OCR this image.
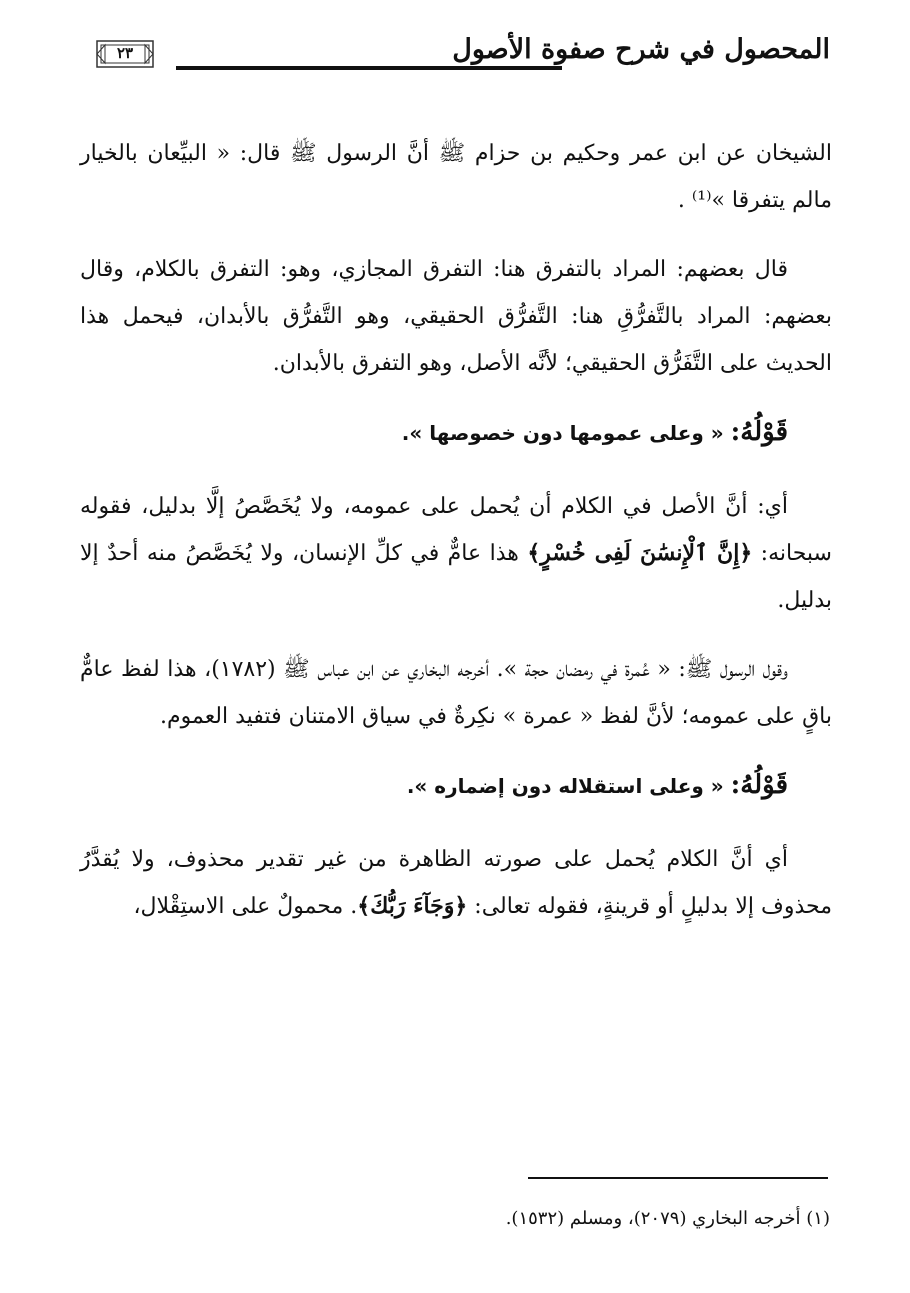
المحصول في شرح صفوة الأصول
٢٣

الشيخان عن ابن عمر وحكيم بن حزام ﷺ أنَّ الرسول ﷺ قال: « البيِّعان بالخيار مالم يتفرقا »⁽¹⁾ .

قال بعضهم: المراد بالتفرق هنا: التفرق المجازي، وهو: التفرق بالكلام، وقال بعضهم: المراد بالتَّفرُّقِ هنا: التَّفرُّق الحقيقي، وهو التَّفرُّق بالأبدان، فيحمل هذا الحديث على التَّفَرُّق الحقيقي؛ لأنَّه الأصل، وهو التفرق بالأبدان.

قَوْلُهُ: « وعلى عمومها دون خصوصها ».

أي: أنَّ الأصل في الكلام أن يُحمل على عمومه، ولا يُخَصَّصُ إلَّا بدليل، فقوله سبحانه: ﴿إِنَّ ٱلْإِنسَٰنَ لَفِى خُسْرٍ﴾ هذا عامٌّ في كلِّ الإنسان، ولا يُخَصَّصُ منه أحدٌ إلا بدليل.

وقول الرسول ﷺ: « عُمرة في رمضان حجة ». أخرجه البخاري عن ابن عباس ﷺ (١٧٨٢)، هذا لفظ عامٌّ باقٍ على عمومه؛ لأنَّ لفظ « عمرة » نكِرةٌ في سياق الامتنان فتفيد العموم.

قَوْلُهُ: « وعلى استقلاله دون إضماره ».

أي أنَّ الكلام يُحمل على صورته الظاهرة من غير تقدير محذوف، ولا يُقدَّرُ محذوف إلا بدليلٍ أو قرينةٍ، فقوله تعالى: ﴿وَجَآءَ رَبُّكَ﴾. محمولٌ على الاستِقْلال،

(١) أخرجه البخاري (٢٠٧٩)، ومسلم (١٥٣٢).
